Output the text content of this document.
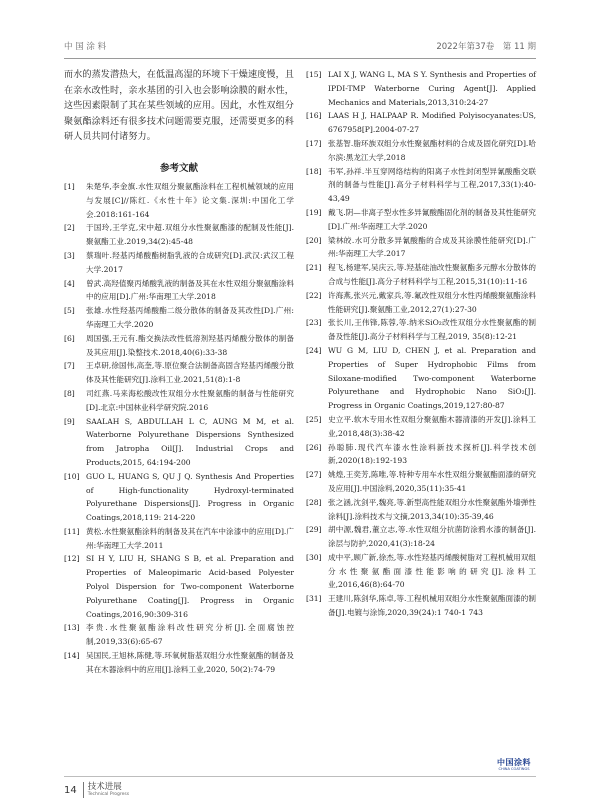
中 国 涂 料	2022年第37卷　第 11 期

而水的蒸发潜热大，在低温高湿的环境下干燥速度慢，且在亲水改性时，亲水基团的引入也会影响涂膜的耐水性，这些因素限制了其在某些领域的应用。因此，水性双组分聚氨酯涂料还有很多技术问题需要克服，还需要更多的科研人员共同付诸努力。

参考文献
[1]	朱楚华,李金旗.水性双组分聚氨酯涂料在工程机械领域的应用与发展[C]//陈红.《水性十年》论文集.深圳:中国化工学会.2018:161-164
[2]	于国玲,王学克,宋中超.双组分水性聚氨酯漆的配制及性能[J].聚氨酯工业.2019,34(2):45-48
[3]	蔡瑞叶.羟基丙烯酸酯树脂乳液的合成研究[D].武汉:武汉工程大学.2017
[4]	曾武.高羟值聚丙烯酸乳液的制备及其在水性双组分聚氨酯涂料中的应用[D].广州:华南理工大学.2018
[5]	张雄.水性羟基丙烯酸酯二级分散体的制备及其改性[D].广州:华南理工大学.2020
[6]	周国强,王元有.酯交换法改性低溶剂羟基丙烯酸分散体的制备及其应用[J].染整技术.2018,40(6):33-38
[7]	王卓研,徐国伟,高奎,等.原位聚合法制备高固含羟基丙烯酸分散体及其性能研究[J].涂料工业.2021,51(8):1-8
[8]	司红燕.马来海松酸改性双组分水性聚氨酯的制备与性能研究[D].北京:中国林业科学研究院.2016
[9]	SAALAH S, ABDULLAH L C, AUNG M M, et al. Waterborne Polyurethane Dispersions Synthesized from Jatropha Oil[J]. Industrial Crops and Products,2015, 64:194-200
[10] GUO L, HUANG S, QU J Q. Synthesis And Properties of High-functionality Hydroxyl-terminated Polyurethane Dispersions[J]. Progress in Organic Coatings,2018,119: 214-220
[11] 黄松.水性聚氨酯涂料的制备及其在汽车中涂漆中的应用[D].广州:华南理工大学.2011
[12] SI H Y, LIU H, SHANG S B, et al. Preparation and Properties of Maleopimaric Acid-based Polyester Polyol Dispersion for Two-component Waterborne Polyurethane Coating[J]. Progress in Organic Coatings,2016,90:309-316
[13] 李贵.水性聚氨酯涂料改性研究分析[J].全面腐蚀控制,2019,33(6):65-67
[14] 吴国民,王旭林,陈健,等.环氧树脂基双组分水性聚氨酯的制备及其在木器涂料中的应用[J].涂料工业,2020, 50(2):74-79
[15] LAI X J, WANG L, MA S Y. Synthesis and Properties of IPDI-TMP Waterborne Curing Agent[J]. Applied Mechanics and Materials,2013,310:24-27
[16] LAAS H J, HALPAAP R. Modified Polyisocyanates:US, 6767958[P].2004-07-27
[17] 张基智.脂环族双组分水性聚氨酯材料的合成及固化研究[D].哈尔滨:黑龙江大学,2018
[18] 韦军,孙祥.半互穿网络结构的阳离子水性封闭型异氰酸酯交联剂的制备与性能[J].高分子材料科学与工程,2017,33(1):40-43,49
[19] 戴飞.阴—非离子型水性多异氰酸酯固化剂的制备及其性能研究[D].广州:华南理工大学.2020
[20] 梁林皎.水可分散多异氰酸酯的合成及其涂膜性能研究[D].广州:华南理工大学.2017
[21] 程飞,杨建军,吴庆云,等.羟基硅油改性聚氨酯多元醇水分散体的合成与性能[J].高分子材料科学与工程,2015,31(10):11-16
[22] 许海燕,张兴元,戴家兵,等.氟改性双组分水性丙烯酸聚氨酯涂料性能研究[J].聚氨酯工业,2012,27(1):27-30
[23] 张长川,王伟锋,陈蓉,等.纳米SiO₂改性双组分水性聚氨酯的制备及性能[J].高分子材料科学与工程,2019, 35(8):12-21
[24] WU G M, LIU D, CHEN J, et al. Preparation and Properties of Super Hydrophobic Films from Siloxane-modified Two-component Waterborne Polyurethane and Hydrophobic Nano SiO₂[J]. Progress in Organic Coatings,2019,127:80-87
[25] 史立平.软木专用水性双组分聚氨酯木器清漆的开发[J].涂料工业,2018,48(3):38-42
[26] 孙聪肺.现代汽车漆水性涂料新技术探析[J].科学技术创新,2020(18):192-193
[27] 姚煌,王奕芳,陈唯,等.特种专用车水性双组分聚氨酯面漆的研究及应用[J].中国涂料,2020,35(11):35-41
[28] 张之涵,沈剑平,魏亮,等.新型高性能双组分水性聚氨酯外墙弹性涂料[J].涂料技术与文摘,2013,34(10):35-39,46
[29] 胡中源,魏君,董立志,等.水性双组分抗菌防涂鸦水漆的制备[J].涂层与防护,2020,41(3):18-24
[30] 成中平,顾广新,徐杰,等.水性羟基丙烯酸树脂对工程机械用双组分水性聚氨酯面漆性能影响的研究[J].涂料工业,2016,46(8):64-70
[31] 王建川,陈剑华,陈卓,等.工程机械用双组分水性聚氨酯面漆的制备[J].电镀与涂饰,2020,39(24):1 740-1 743
中国涂料
CHINA COATINGS
14 技术进展
Technical Progress
